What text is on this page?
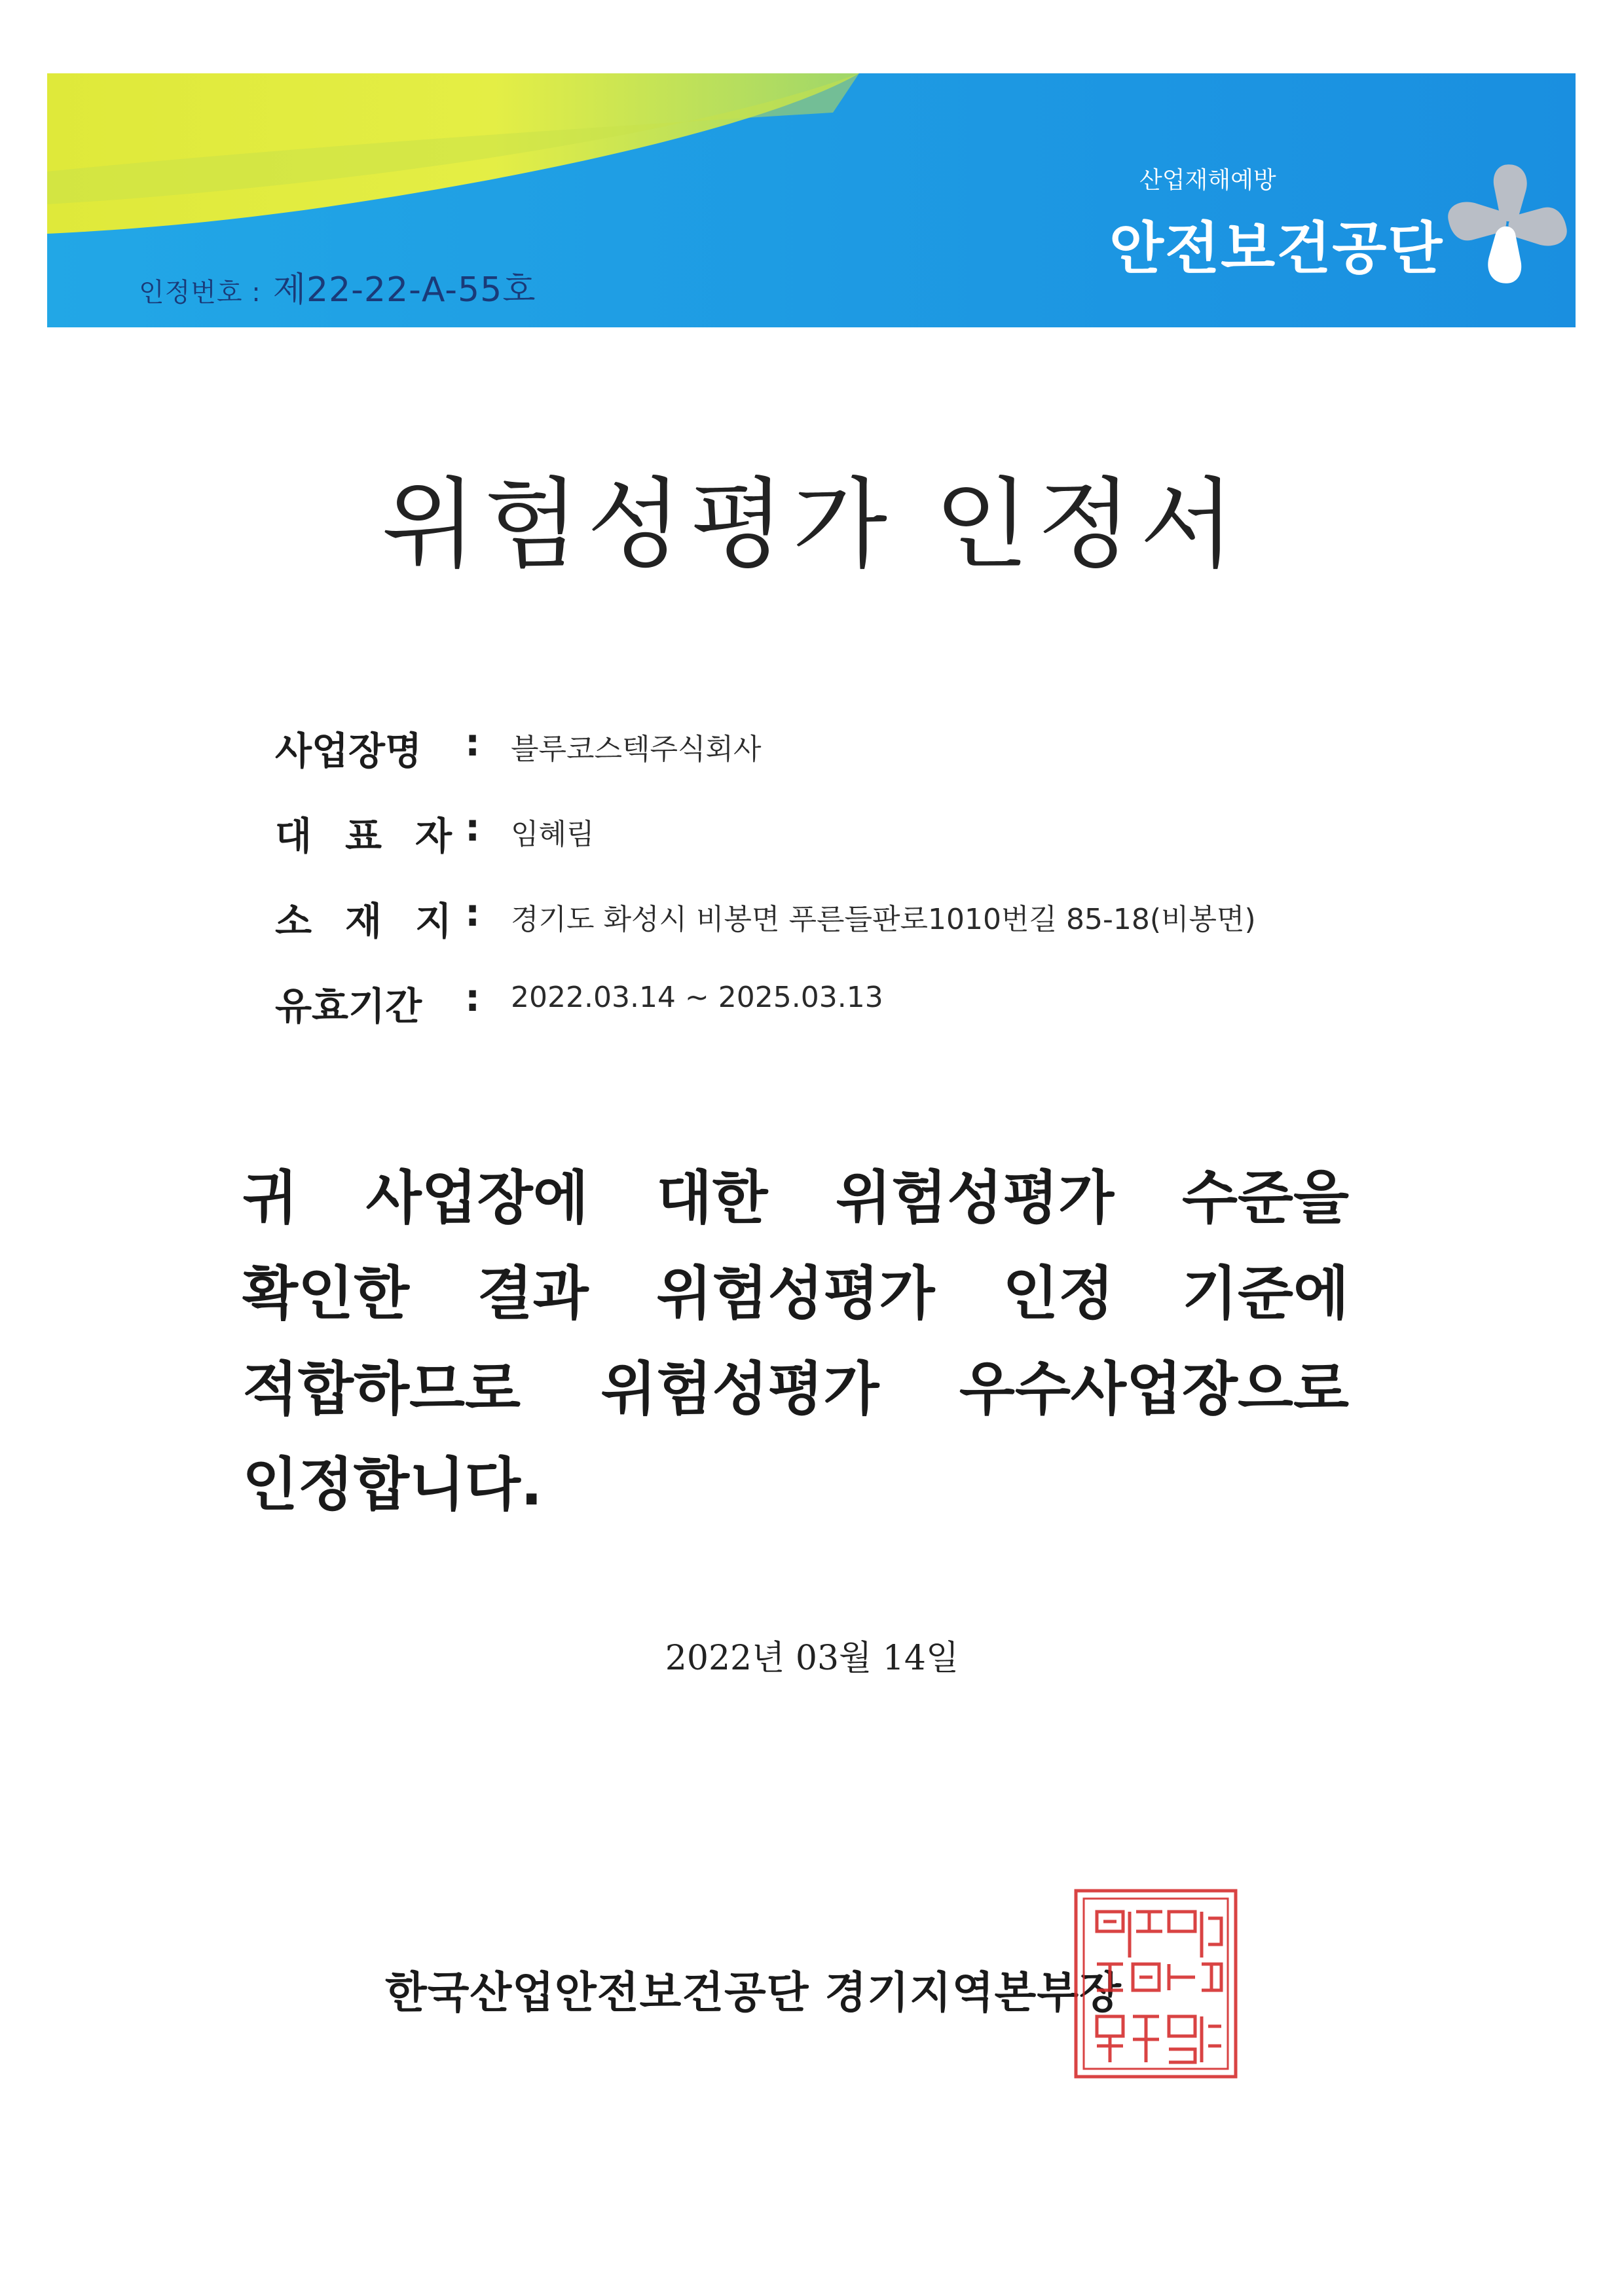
인정번호 : 제22-22-A-55호
산업재해예방
안전보건공단
위험성평가 인정서
사업장명	: 블루코스텍주식회사
대 표 자 : 임혜림
소 재 지 : 경기도 화성시 비봉면 푸른들판로1010번길 85-18(비봉면)
유효기간	: 2022.03.14 ~ 2025.03.13
귀 사업장에 대한 위험성평가 수준을
확인한 결과 위험성평가 인정 기준에
적합하므로 위험성평가 우수사업장으로
인정합니다.
2022년 03월 14일
한국산업안전보건공단 경기지역본부장
